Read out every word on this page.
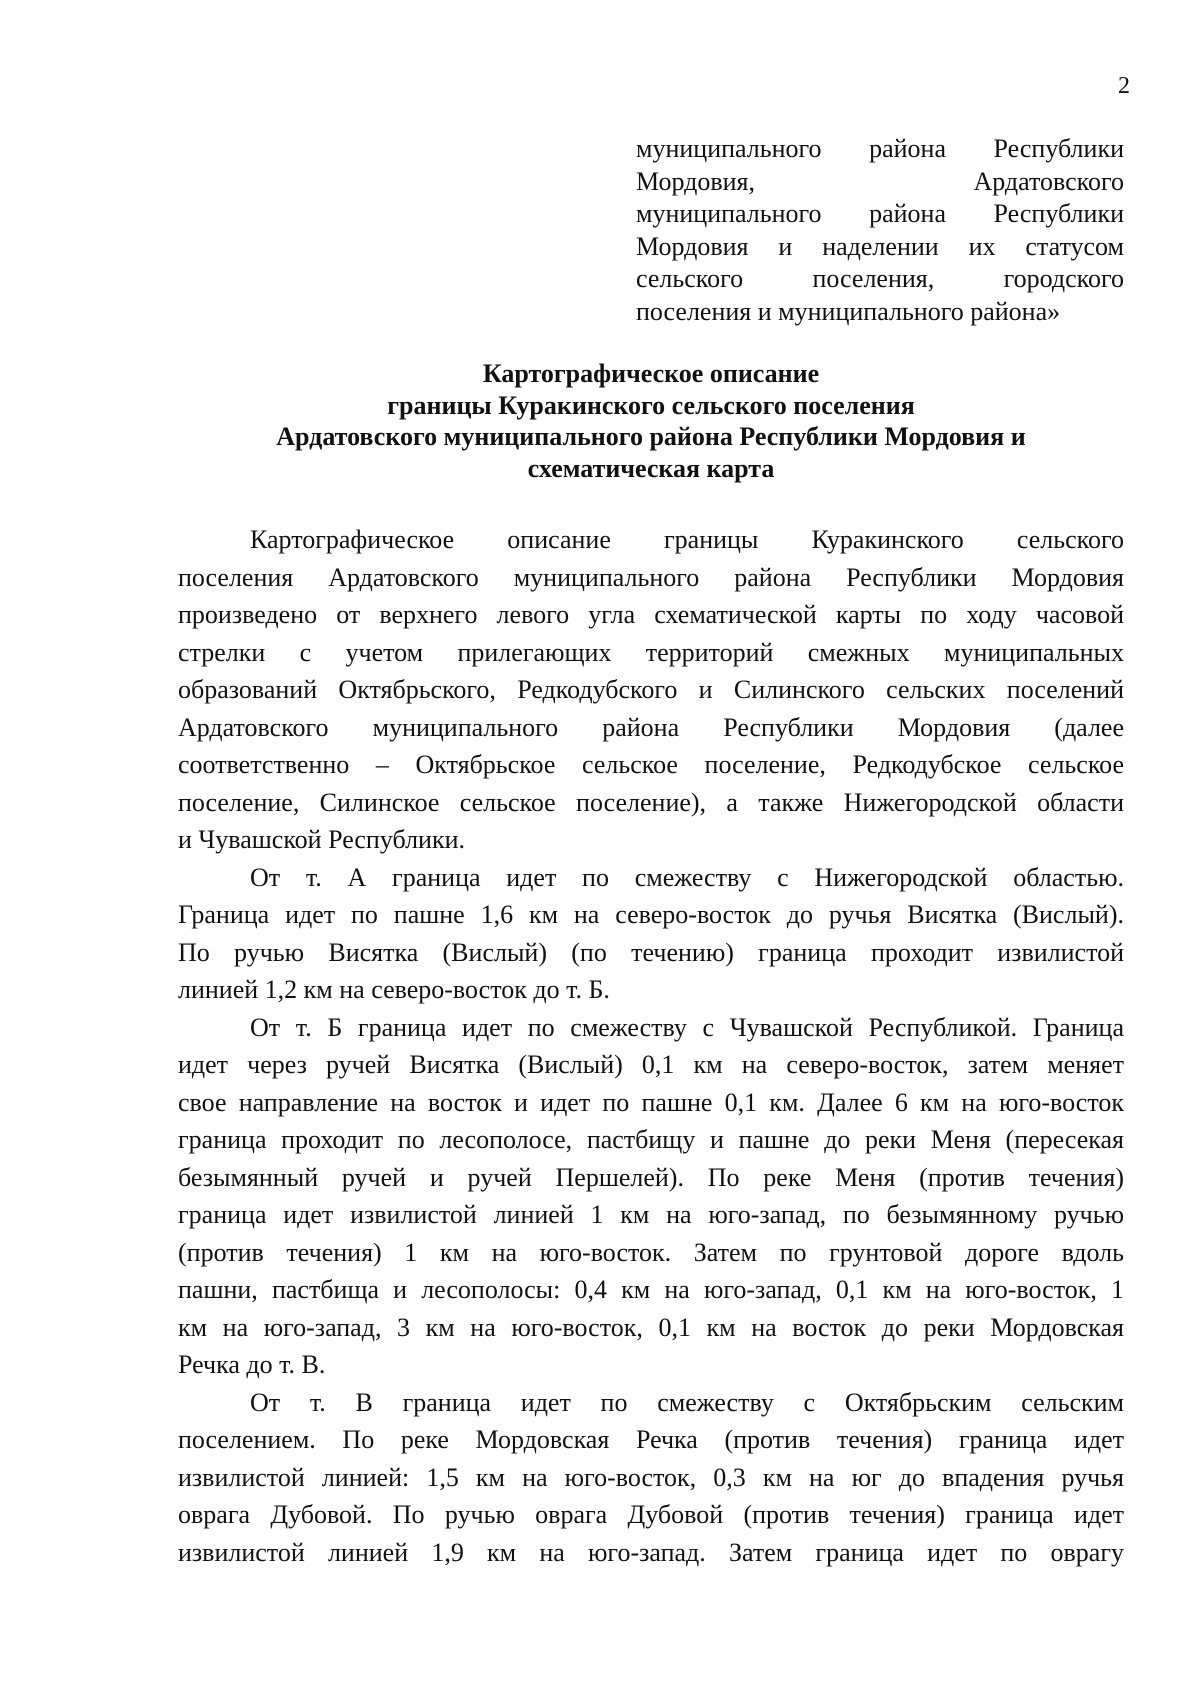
2
муниципального района Республики
Мордовия, Ардатовского
муниципального района Республики
Мордовия и наделении их статусом
сельского поселения, городского
поселения и муниципального района»
Картографическое описание
границы Куракинского сельского поселения
Ардатовского муниципального района Республики Мордовия и
схематическая карта

Картографическое описание границы Куракинского сельского
поселения Ардатовского муниципального района Республики Мордовия
произведено от верхнего левого угла схематической карты по ходу часовой
стрелки с учетом прилегающих территорий смежных муниципальных
образований Октябрьского, Редкодубского и Силинского сельских поселений
Ардатовского муниципального района Республики Мордовия (далее
соответственно – Октябрьское сельское поселение, Редкодубское сельское
поселение, Силинское сельское поселение), а также Нижегородской области
и Чувашской Республики.

От т. А граница идет по смежеству с Нижегородской областью.
Граница идет по пашне 1,6 км на северо-восток до ручья Висятка (Вислый).
По ручью Висятка (Вислый) (по течению) граница проходит извилистой
линией 1,2 км на северо-восток до т. Б.

От т. Б граница идет по смежеству с Чувашской Республикой. Граница
идет через ручей Висятка (Вислый) 0,1 км на северо-восток, затем меняет
свое направление на восток и идет по пашне 0,1 км. Далее 6 км на юго-восток
граница проходит по лесополосе, пастбищу и пашне до реки Меня (пересекая
безымянный ручей и ручей Першелей). По реке Меня (против течения)
граница идет извилистой линией 1 км на юго-запад, по безымянному ручью
(против течения) 1 км на юго-восток. Затем по грунтовой дороге вдоль
пашни, пастбища и лесополосы: 0,4 км на юго-запад, 0,1 км на юго-восток, 1
км на юго-запад, 3 км на юго-восток, 0,1 км на восток до реки Мордовская
Речка до т. В.

От т. В граница идет по смежеству с Октябрьским сельским
поселением. По реке Мордовская Речка (против течения) граница идет
извилистой линией: 1,5 км на юго-восток, 0,3 км на юг до впадения ручья
оврага Дубовой. По ручью оврага Дубовой (против течения) граница идет
извилистой линией 1,9 км на юго-запад. Затем граница идет по оврагу
